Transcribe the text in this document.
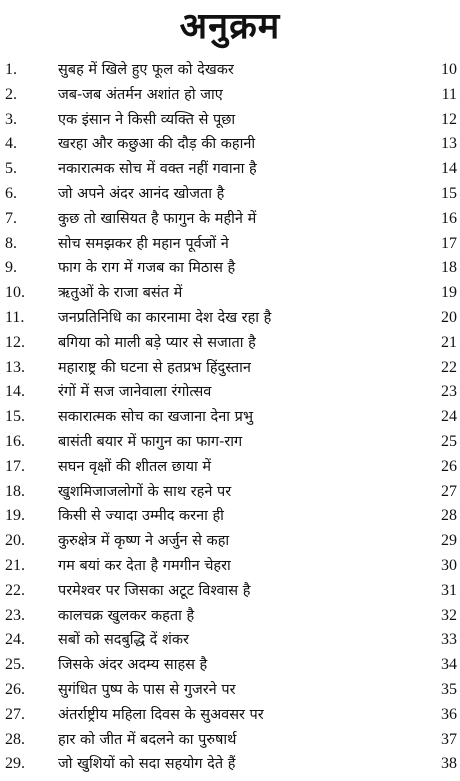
अनुक्रम
1.	सुबह में खिले हुए फूल को देखकर	10
2.	जब-जब अंतर्मन अशांत हो जाए	11
3.	एक इंसान ने किसी व्यक्ति से पूछा	12
4.	खरहा और कछुआ की दौड़ की कहानी	13
5.	नकारात्मक सोच में वक्त नहीं गवाना है	14
6.	जो अपने अंदर आनंद खोजता है	15
7.	कुछ तो खासियत है फागुन के महीने में	16
8.	सोच समझकर ही महान पूर्वजों ने	17
9.	फाग के राग में गजब का मिठास है	18
10.	ऋतुओं के राजा बसंत में	19
11.	जनप्रतिनिधि का कारनामा देश देख रहा है	20
12.	बगिया को माली बड़े प्यार से सजाता है	21
13.	महाराष्ट्र की घटना से हतप्रभ हिंदुस्तान	22
14.	रंगों में सज जानेवाला रंगोत्सव	23
15.	सकारात्मक सोच का खजाना देना प्रभु	24
16.	बासंती बयार में फागुन का फाग-राग	25
17.	सघन वृक्षों की शीतल छाया में	26
18.	खुशमिजाजलोगों के साथ रहने पर	27
19.	किसी से ज्यादा उम्मीद करना ही	28
20.	कुरुक्षेत्र में कृष्ण ने अर्जुन से कहा	29
21.	गम बयां कर देता है गमगीन चेहरा	30
22.	परमेश्वर पर जिसका अटूट विश्वास है	31
23.	कालचक्र खुलकर कहता है	32
24.	सबों को सदबुद्धि दें शंकर	33
25.	जिसके अंदर अदम्य साहस है	34
26.	सुगंधित पुष्प के पास से गुजरने पर	35
27.	अंतर्राष्ट्रीय महिला दिवस के सुअवसर पर	36
28.	हार को जीत में बदलने का पुरुषार्थ	37
29.	जो खुशियों को सदा सहयोग देते हैं	38
